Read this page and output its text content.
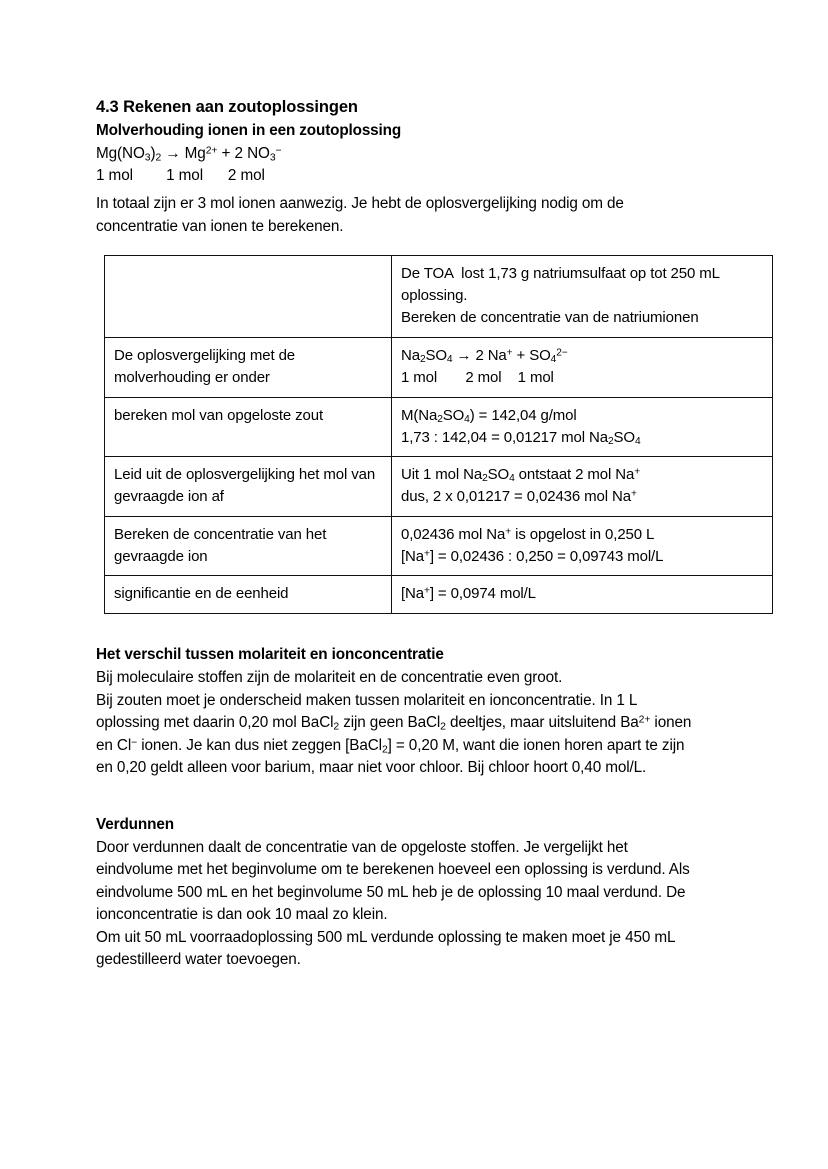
4.3 Rekenen aan zoutoplossingen
Molverhouding ionen in een zoutoplossing

$Mg(NO_3)_2 \to Mg^{2+} + 2$ $NO_3^-$

1 mol        1 mol      2 mol

In totaal zijn er 3 mol ionen aanwezig. Je hebt de oplosvergelijking nodig om de concentratie van ionen te berekenen.

	De TOA  lost 1,73 g natriumsulfaat op tot 250 mL oplossing.
Bereken de concentratie van de natriumionen

De oplosvergelijking met de molverhouding er onder	$Na_2SO_4 \to 2$ $Na^+ + SO_4^{2-}$
1 mol       2 mol    1 mol

bereken mol van opgeloste zout	$M(Na_2SO_4) = 142,04$ g/mol
1,73 : 142,04 = 0,01217 mol $Na_2SO_4$

Leid uit de oplosvergelijking het mol van gevraagde ion af	Uit 1 mol $Na_2SO_4$ ontstaat 2 mol Na+
dus, 2 x 0,01217 = 0,02436 mol Na+

Bereken de concentratie van het gevraagde ion	0,02436 mol Na+ is opgelost in 0,250 L
[Na+] = 0,02436 : 0,250 = 0,09743 mol/L

significantie en de eenheid	[Na+] = 0,0974 mol/L
Het verschil tussen molariteit en ionconcentratie

Bij moleculaire stoffen zijn de molariteit en de concentratie even groot.

Bij zouten moet je onderscheid maken tussen molariteit en ionconcentratie. In 1 L oplossing met daarin 0,20 mol BaCl$_2$ zijn geen BaCl$_2$ deeltjes, maar uitsluitend $Ba^{2+}$ ionen en Cl− ionen. Je kan dus niet zeggen [BaCl$_2$] = 0,20 M, want die ionen horen apart te zijn en 0,20 geldt alleen voor barium, maar niet voor chloor. Bij chloor hoort 0,40 mol/L.

Verdunnen

Door verdunnen daalt de concentratie van de opgeloste stoffen. Je vergelijkt het eindvolume met het beginvolume om te berekenen hoeveel een oplossing is verdund. Als eindvolume 500 mL en het beginvolume 50 mL heb je de oplossing 10 maal verdund. De ionconcentratie is dan ook 10 maal zo klein.

Om uit 50 mL voorraadoplossing 500 mL verdunde oplossing te maken moet je 450 mL gedestilleerd water toevoegen.
